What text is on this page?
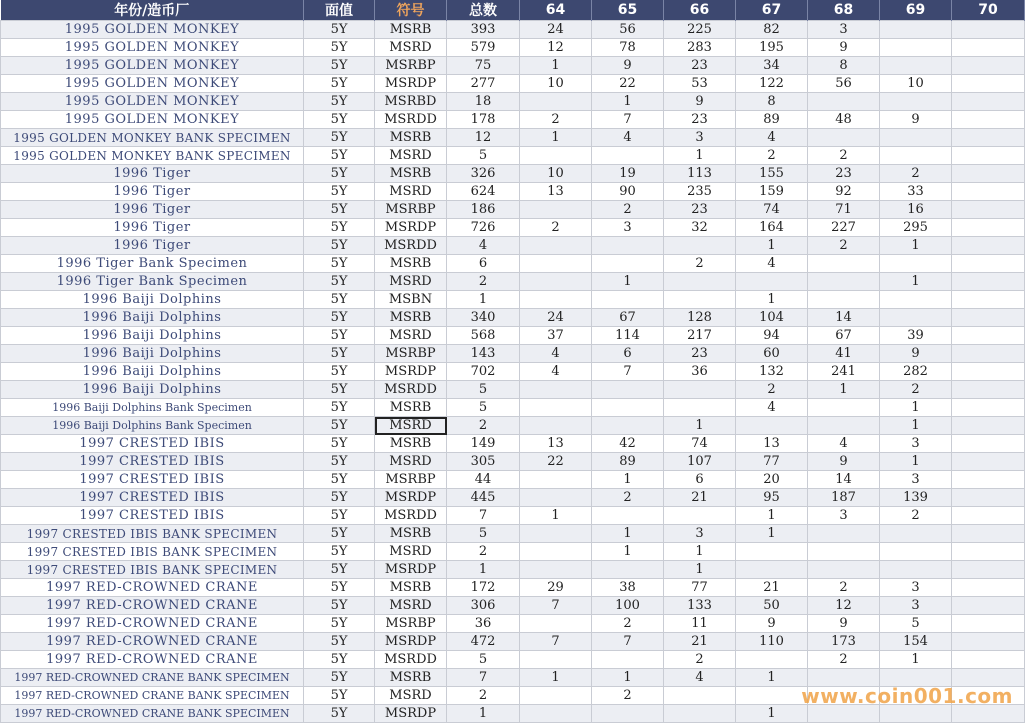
年份/造币厂	面值	符号	总数	64	65	66	67	68	69	70
1995 GOLDEN MONKEY	5Y	MSRB	393	24	56	225	82	3		
1995 GOLDEN MONKEY	5Y	MSRD	579	12	78	283	195	9		
1995 GOLDEN MONKEY	5Y	MSRBP	75	1	9	23	34	8		
1995 GOLDEN MONKEY	5Y	MSRDP	277	10	22	53	122	56	10	
1995 GOLDEN MONKEY	5Y	MSRBD	18		1	9	8			
1995 GOLDEN MONKEY	5Y	MSRDD	178	2	7	23	89	48	9	
1995 GOLDEN MONKEY BANK SPECIMEN	5Y	MSRB	12	1	4	3	4			
1995 GOLDEN MONKEY BANK SPECIMEN	5Y	MSRD	5			1	2	2		
1996 Tiger	5Y	MSRB	326	10	19	113	155	23	2	
1996 Tiger	5Y	MSRD	624	13	90	235	159	92	33	
1996 Tiger	5Y	MSRBP	186		2	23	74	71	16	
1996 Tiger	5Y	MSRDP	726	2	3	32	164	227	295	
1996 Tiger	5Y	MSRDD	4				1	2	1	
1996 Tiger Bank Specimen	5Y	MSRB	6			2	4			
1996 Tiger Bank Specimen	5Y	MSRD	2		1				1	
1996 Baiji Dolphins	5Y	MSBN	1				1			
1996 Baiji Dolphins	5Y	MSRB	340	24	67	128	104	14		
1996 Baiji Dolphins	5Y	MSRD	568	37	114	217	94	67	39	
1996 Baiji Dolphins	5Y	MSRBP	143	4	6	23	60	41	9	
1996 Baiji Dolphins	5Y	MSRDP	702	4	7	36	132	241	282	
1996 Baiji Dolphins	5Y	MSRDD	5				2	1	2	
1996 Baiji Dolphins Bank Specimen	5Y	MSRB	5				4		1	
1996 Baiji Dolphins Bank Specimen	5Y	MSRD	2			1			1	
1997 CRESTED IBIS	5Y	MSRB	149	13	42	74	13	4	3	
1997 CRESTED IBIS	5Y	MSRD	305	22	89	107	77	9	1	
1997 CRESTED IBIS	5Y	MSRBP	44		1	6	20	14	3	
1997 CRESTED IBIS	5Y	MSRDP	445		2	21	95	187	139	
1997 CRESTED IBIS	5Y	MSRDD	7	1			1	3	2	
1997 CRESTED IBIS BANK SPECIMEN	5Y	MSRB	5		1	3	1			
1997 CRESTED IBIS BANK SPECIMEN	5Y	MSRD	2		1	1				
1997 CRESTED IBIS BANK SPECIMEN	5Y	MSRDP	1			1				
1997 RED-CROWNED CRANE	5Y	MSRB	172	29	38	77	21	2	3	
1997 RED-CROWNED CRANE	5Y	MSRD	306	7	100	133	50	12	3	
1997 RED-CROWNED CRANE	5Y	MSRBP	36		2	11	9	9	5	
1997 RED-CROWNED CRANE	5Y	MSRDP	472	7	7	21	110	173	154	
1997 RED-CROWNED CRANE	5Y	MSRDD	5			2		2	1	
1997 RED-CROWNED CRANE BANK SPECIMEN	5Y	MSRB	7	1	1	4	1			
1997 RED-CROWNED CRANE BANK SPECIMEN	5Y	MSRD	2		2					
1997 RED-CROWNED CRANE BANK SPECIMEN	5Y	MSRDP	1				1			
www.coin001.com
